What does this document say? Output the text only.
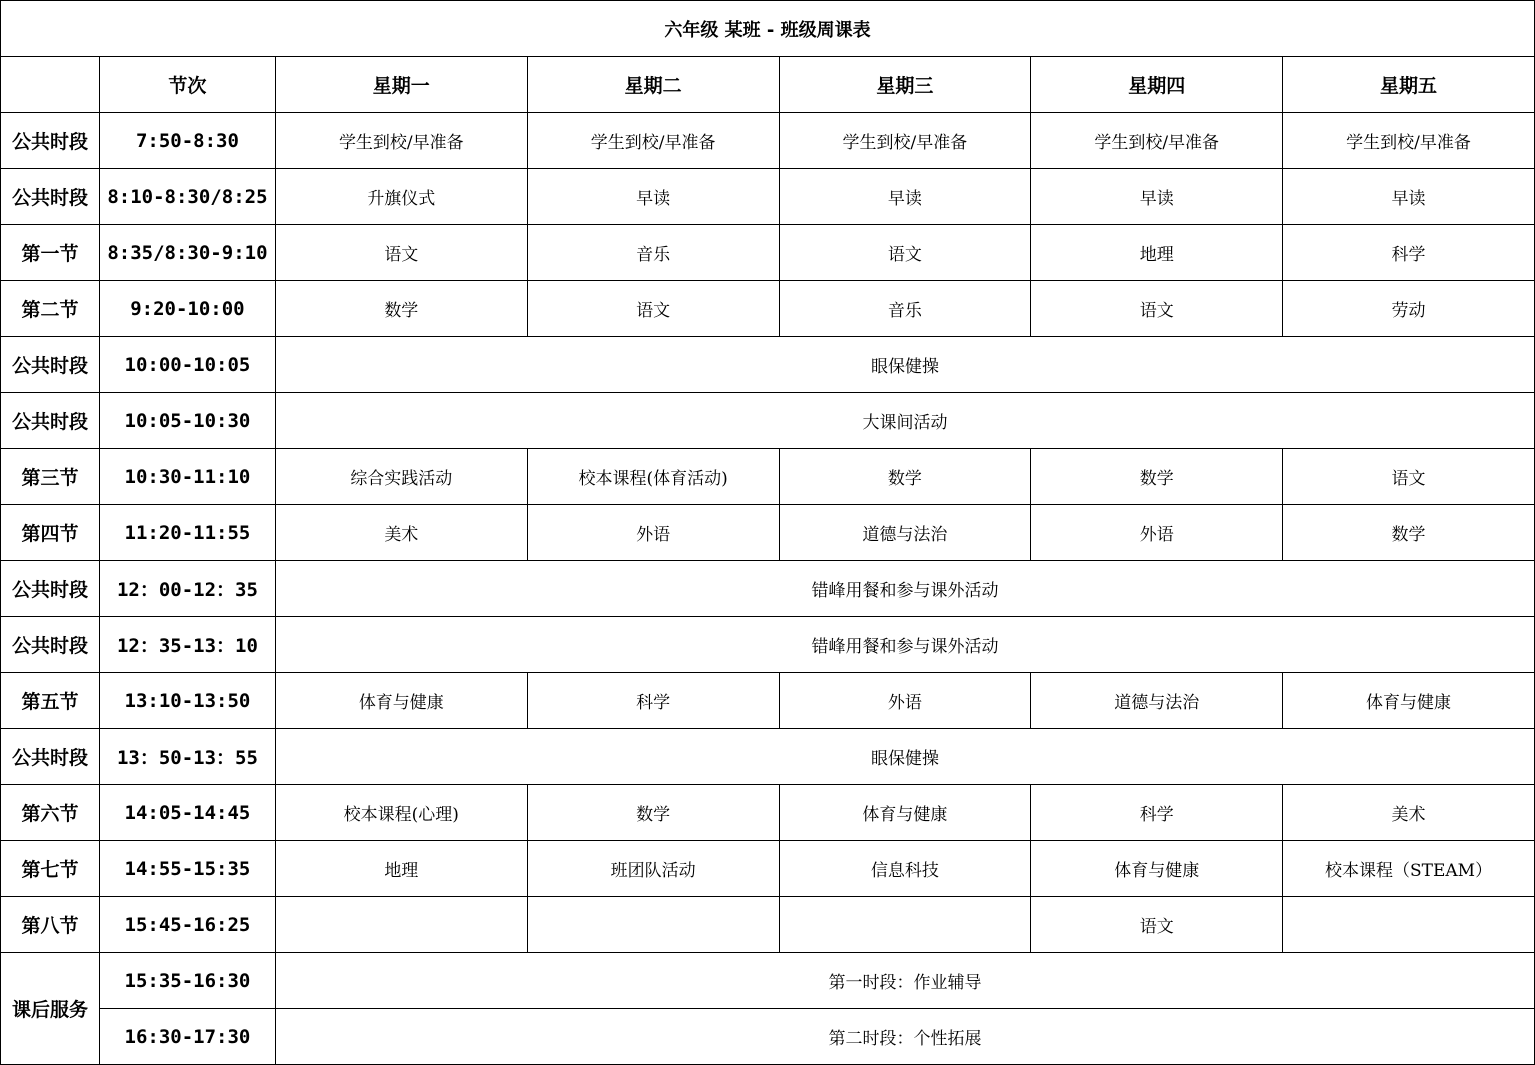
六年级 某班 - 班级周课表						
	节次	星期一	星期二	星期三	星期四	星期五
公共时段	7:50-8:30	学生到校/早准备	学生到校/早准备	学生到校/早准备	学生到校/早准备	学生到校/早准备
公共时段	8:10-8:30/8:25	升旗仪式	早读	早读	早读	早读
第一节	8:35/8:30-9:10	语文	音乐	语文	地理	科学
第二节	9:20-10:00	数学	语文	音乐	语文	劳动
公共时段	10:00-10:05	眼保健操				
公共时段	10:05-10:30	大课间活动				
第三节	10:30-11:10	综合实践活动	校本课程(体育活动)	数学	数学	语文
第四节	11:20-11:55	美术	外语	道德与法治	外语	数学
公共时段	12：00-12：35	错峰用餐和参与课外活动				
公共时段	12：35-13：10	错峰用餐和参与课外活动				
第五节	13:10-13:50	体育与健康	科学	外语	道德与法治	体育与健康
公共时段	13：50-13：55	眼保健操				
第六节	14:05-14:45	校本课程(心理)	数学	体育与健康	科学	美术
第七节	14:55-15:35	地理	班团队活动	信息科技	体育与健康	校本课程（STEAM）
第八节	15:45-16:25				语文	
课后服务	15:35-16:30	第一时段：作业辅导				
	16:30-17:30	第二时段：个性拓展				
